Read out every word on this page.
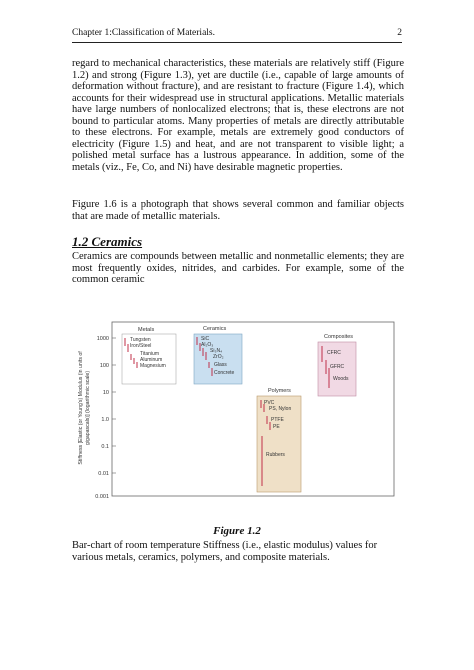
Chapter 1:Classification of Materials.	2
regard to mechanical characteristics, these materials are relatively stiff (Figure 1.2) and strong (Figure 1.3), yet are ductile (i.e., capable of large amounts of deformation without fracture), and are resistant to fracture (Figure 1.4), which accounts for their widespread use in structural applications. Metallic materials have large numbers of nonlocalized electrons; that is, these electrons are not bound to particular atoms. Many properties of metals are directly attributable to these electrons. For example, metals are extremely good conductors of electricity (Figure 1.5) and heat, and are not transparent to visible light; a polished metal surface has a lustrous appearance. In addition, some of the metals (viz., Fe, Co, and Ni) have desirable magnetic properties.
Figure 1.6 is a photograph that shows several common and familiar objects that are made of metallic materials.
1.2 Ceramics
Ceramics are compounds between metallic and nonmetallic elements; they are most frequently oxides, nitrides, and carbides. For example, some of the common ceramic
Stiffness [Elastic (or Young's) Modulus (in units of gigapascals)] (logarithmic scale)
1000
100
10
1.0
0.1
0.01
0.001
Metals
Tungsten
Iron/Steel
Titanium
Aluminum
Magnesium
Ceramics
SiC
Al₂O₃
Si₃N₄
ZrO₂
Glass
Concrete
Polymers
PVC
PS, Nylon
PTFE
PE
Rubbers
Composites
CFRC
GFRC
Woods
Figure 1.2
Bar-chart of room temperature Stiffness (i.e., elastic modulus) values for various metals, ceramics, polymers, and composite materials.
